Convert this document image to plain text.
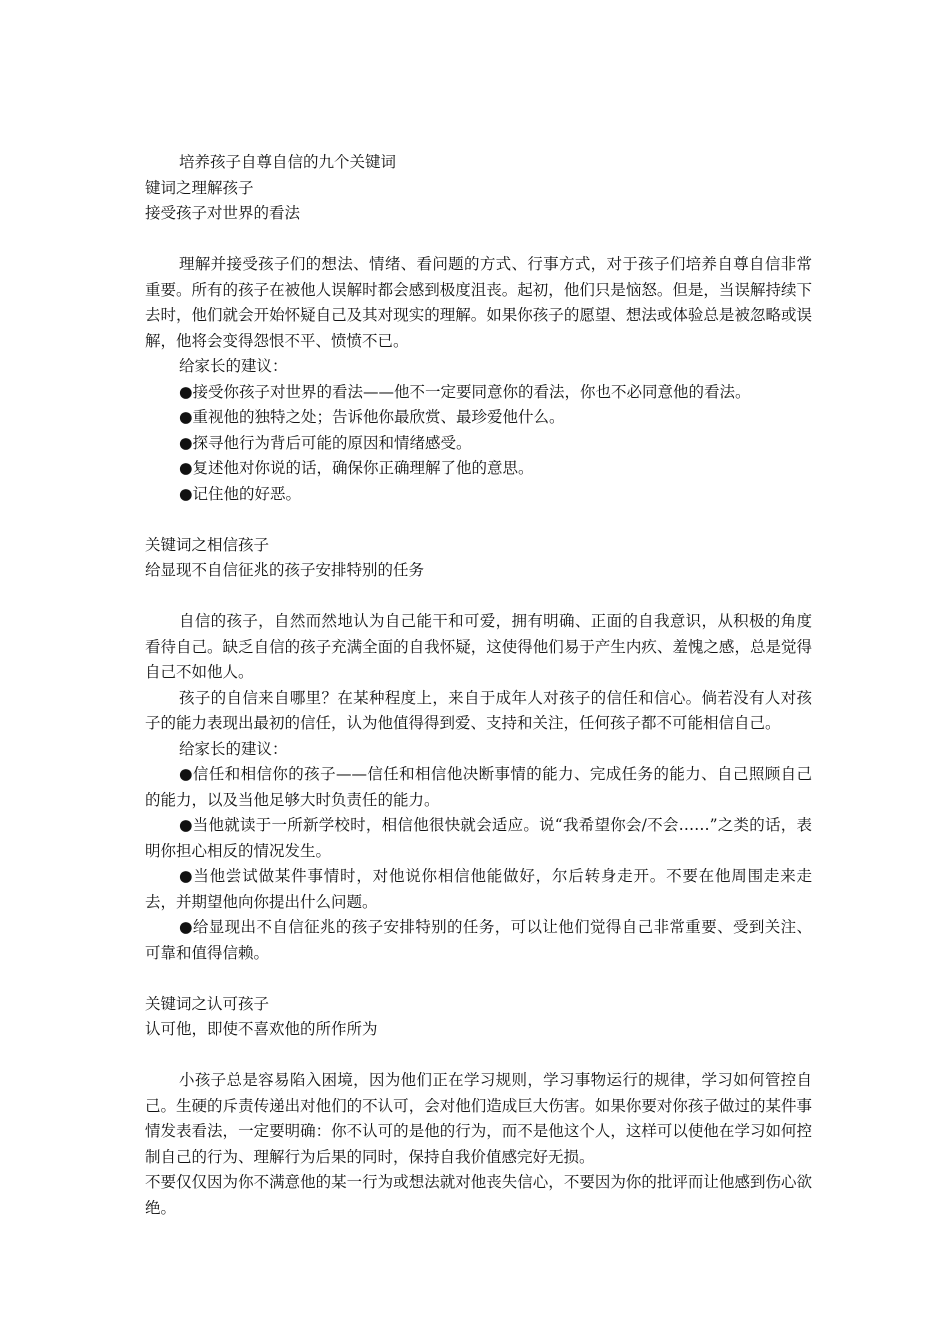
培养孩子自尊自信的九个关键词
键词之理解孩子
接受孩子对世界的看法
理解并接受孩子们的想法、情绪、看问题的方式、行事方式，对于孩子们培养自尊自信非常重要。所有的孩子在被他人误解时都会感到极度沮丧。起初，他们只是恼怒。但是，当误解持续下去时，他们就会开始怀疑自己及其对现实的理解。如果你孩子的愿望、想法或体验总是被忽略或误解，他将会变得怨恨不平、愤愤不已。
给家长的建议：
●接受你孩子对世界的看法——他不一定要同意你的看法，你也不必同意他的看法。
●重视他的独特之处；告诉他你最欣赏、最珍爱他什么。
●探寻他行为背后可能的原因和情绪感受。
●复述他对你说的话，确保你正确理解了他的意思。
●记住他的好恶。
关键词之相信孩子
给显现不自信征兆的孩子安排特别的任务
自信的孩子，自然而然地认为自己能干和可爱，拥有明确、正面的自我意识，从积极的角度看待自己。缺乏自信的孩子充满全面的自我怀疑，这使得他们易于产生内疚、羞愧之感，总是觉得自己不如他人。
孩子的自信来自哪里？在某种程度上，来自于成年人对孩子的信任和信心。倘若没有人对孩子的能力表现出最初的信任，认为他值得得到爱、支持和关注，任何孩子都不可能相信自己。
给家长的建议：
●信任和相信你的孩子——信任和相信他决断事情的能力、完成任务的能力、自己照顾自己的能力，以及当他足够大时负责任的能力。
●当他就读于一所新学校时，相信他很快就会适应。说“我希望你会/不会……”之类的话，表明你担心相反的情况发生。
●当他尝试做某件事情时，对他说你相信他能做好，尔后转身走开。不要在他周围走来走去，并期望他向你提出什么问题。
●给显现出不自信征兆的孩子安排特别的任务，可以让他们觉得自己非常重要、受到关注、可靠和值得信赖。
关键词之认可孩子
认可他，即使不喜欢他的所作所为
小孩子总是容易陷入困境，因为他们正在学习规则，学习事物运行的规律，学习如何管控自己。生硬的斥责传递出对他们的不认可，会对他们造成巨大伤害。如果你要对你孩子做过的某件事情发表看法，一定要明确：你不认可的是他的行为，而不是他这个人，这样可以使他在学习如何控制自己的行为、理解行为后果的同时，保持自我价值感完好无损。
不要仅仅因为你不满意他的某一行为或想法就对他丧失信心，不要因为你的批评而让他感到伤心欲绝。
